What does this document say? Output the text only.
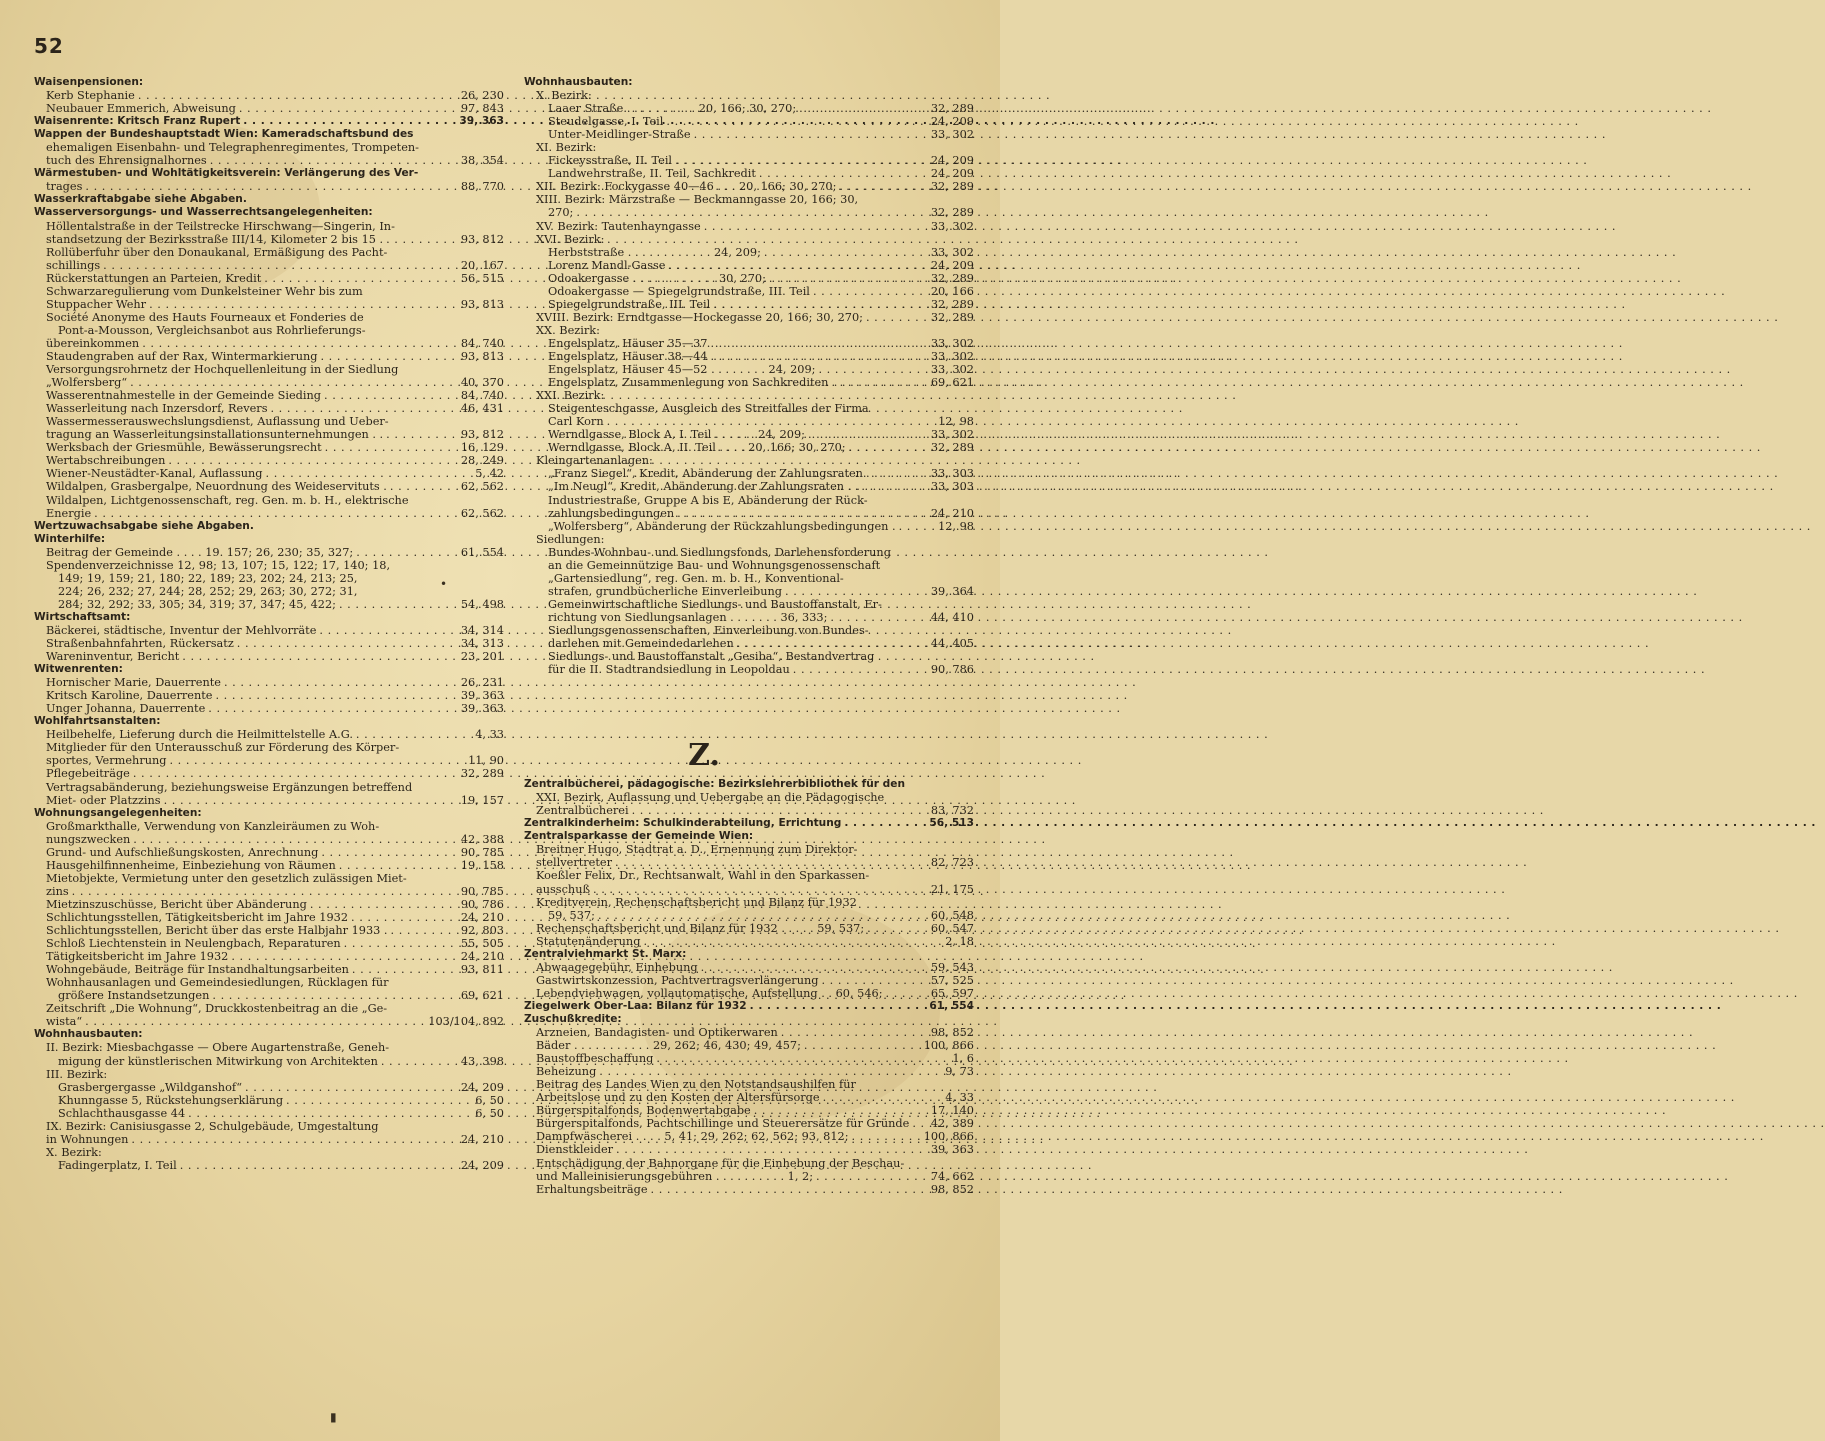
52
Waisenpensionen:
Kerb Stephanie . . .	26, 230
Neubauer Emmerich, Abweisung . . .	97, 843
Waisenrente: Kritsch Franz Rupert . . .	39, 363
Wappen der Bundeshauptstadt Wien: Kameradschaftsbund des
ehemaligen Eisenbahn- und Telegraphenregimentes, Trompeten-
tuch des Ehrensignalhornes . . .	38, 354
Wärmestuben- und Wohltätigkeitsverein: Verlängerung des Ver-
trages . . .	88, 770
Wasserkraftabgabe siehe Abgaben.
Wasserversorgungs- und Wasserrechtsangelegenheiten:
Höllentalstraße in der Teilstrecke Hirschwang—Singerin, In-
standsetzung der Bezirksstraße III/14, Kilometer 2 bis 15 . . . .	93, 812
Rollüberfuhr über den Donaukanal, Ermäßigung des Pacht-
schillings . . .	20, 167
Rückerstattungen an Parteien, Kredit . . .	56, 515
Schwarzaregulierung vom Dunkelsteiner Wehr bis zum
Stuppacher Wehr . . .	93, 813
Société Anonyme des Hauts Fourneaux et Fonderies de
Pont-a-Mousson, Vergleichsanbot aus Rohrlieferungs-
übereinkommen . . .	84, 740
Staudengraben auf der Rax, Wintermarkierung . . .	93, 813
Versorgungsrohrnetz der Hochquellenleitung in der Siedlung
„Wolfersberg“ . . .	40, 370
Wasserentnahmestelle in der Gemeinde Sieding . . .	84, 740
Wasserleitung nach Inzersdorf, Revers . . .	46, 431
Wassermesserauswechslungsdienst, Auflassung und Ueber-
tragung an Wasserleitungsinstallationsunternehmungen . . . . .	93, 812
Werksbach der Griesmühle, Bewässerungsrecht . . .	16, 129
Wertabschreibungen . . .	28, 249
Wiener-Neustädter-Kanal, Auflassung . . .	5, 42
Wildalpen, Grasbergalpe, Neuordnung des Weideservituts . . . .	62, 562
Wildalpen, Lichtgenossenschaft, reg. Gen. m. b. H., elektrische
Energie . . .	62, 562
Wertzuwachsabgabe siehe Abgaben.
Winterhilfe:
Beitrag der Gemeinde . . . . 19. 157; 26, 230; 35, 327; . . .	61, 554
Spendenverzeichnisse 12, 98; 13, 107; 15, 122; 17, 140; 18,
149; 19, 159; 21, 180; 22, 189; 23, 202; 24, 213; 25,
224; 26, 232; 27, 244; 28, 252; 29, 263; 30, 272; 31,
284; 32, 292; 33, 305; 34, 319; 37, 347; 45, 422; . . .	54, 498
Wirtschaftsamt:
Bäckerei, städtische, Inventur der Mehlvorräte . . .	34, 314
Straßenbahnfahrten, Rückersatz . . .	34, 313
Wareninventur, Bericht . . .	23, 201
Witwenrenten:
Hornischer Marie, Dauerrente . . .	26, 231
Kritsch Karoline, Dauerrente . . .	39, 363
Unger Johanna, Dauerrente . . .	39, 363
Wohlfahrtsanstalten:
Heilbehelfe, Lieferung durch die Heilmittelstelle A.G. . . .	4, 33
Mitglieder für den Unterausschuß zur Förderung des Körper-
sportes, Vermehrung . . .	11, 90
Pflegebeiträge . . .	32, 289
Vertragsabänderung, beziehungsweise Ergänzungen betreffend
Miet- oder Platzzins . . .	19, 157
Wohnungsangelegenheiten:
Großmarkthalle, Verwendung von Kanzleiräumen zu Woh-
nungszwecken . . .	42, 388
Grund- und Aufschließungskosten, Anrechnung . . .	90, 785
Hausgehilfinnenheime, Einbeziehung von Räumen . . .	19, 158
Mietobjekte, Vermietung unter den gesetzlich zulässigen Miet-
zins . . .	90, 785
Mietzinszuschüsse, Bericht über Abänderung . . .	90, 786
Schlichtungsstellen, Tätigkeitsbericht im Jahre 1932 . . .	24, 210
Schlichtungsstellen, Bericht über das erste Halbjahr 1933 . . . .	92, 803
Schloß Liechtenstein in Neulengbach, Reparaturen . . .	55, 505
Tätigkeitsbericht im Jahre 1932 . . .	24, 210
Wohngebäude, Beiträge für Instandhaltungsarbeiten . . .	93, 811
Wohnhausanlagen und Gemeindesiedlungen, Rücklagen für
größere Instandsetzungen . . .	69, 621
Zeitschrift „Die Wohnung“, Druckkostenbeitrag an die „Ge-
wista“ . . .	103/104, 892
Wohnhausbauten:
II. Bezirk: Miesbachgasse — Obere Augartenstraße, Geneh-
migung der künstlerischen Mitwirkung von Architekten . . .	43, 398
III. Bezirk:
Grasbergergasse „Wildganshof“ . . .	24, 209
Khunngasse 5, Rückstehungserklärung . . .	6, 50
Schlachthausgasse 44 . . .	6, 50
IX. Bezirk: Canisiusgasse 2, Schulgebäude, Umgestaltung
in Wohnungen . . .	24, 210
X. Bezirk:
Fadingerplatz, I. Teil . . .	24, 209
Wohnhausbauten:
X. Bezirk:
Laaer Straße . . . . . . . . . . 20, 166; 30, 270; . . .	32, 289
Steudelgasse, I. Teil . . .	24, 209
Unter-Meidlinger-Straße . . .	33, 302
XI. Bezirk:
Fickeysstraße, II. Teil . . .	24, 209
Landwehrstraße, II. Teil, Sachkredit . . .	24, 209
XII. Bezirk: Fockygasse 40—46 . . . 20, 166; 30, 270; . . .	32, 289
XIII. Bezirk: Märzstraße — Beckmanngasse 20, 166; 30,
270; . . .	32, 289
XV. Bezirk: Tautenhayngasse . . .	33, 302
XVI. Bezirk:
Herbststraße . . . . . . . . . . . . 24, 209; . . .	33, 302
Lorenz Mandl-Gasse . . .	24, 209
Odoakergasse . . . . . . . . . . . . 30, 270; . . .	32, 289
Odoakergasse — Spiegelgrundstraße, III. Teil . . .	20, 166
Spiegelgrundstraße, III. Teil . . .	32, 289
XVIII. Bezirk: Erndtgasse—Hockegasse 20, 166; 30, 270; . . .	32, 289
XX. Bezirk:
Engelsplatz, Häuser 35—37 . . .	33, 302
Engelsplatz, Häuser 38—44 . . .	33, 302
Engelsplatz, Häuser 45—52 . . . . . . . . 24, 209; . . .	33, 302
Engelsplatz, Zusammenlegung von Sachkrediten . . .	69, 621
XXI. Bezirk:
Steigenteschgasse, Ausgleich des Streitfalles der Firma
Carl Korn . . .	12, 98
Werndlgasse, Block A, I. Teil . . . . . . 24, 209; . . .	33, 302
Werndlgasse, Block A, II. Teil . . . . 20, 166; 30, 270; . . .	32, 289
Kleingartenanlagen:
„Franz Siegel“, Kredit, Abänderung der Zahlungsraten . . .	33, 303
„Im Neugl“, Kredit, Abänderung der Zahlungsraten . . . . .	33, 303
Industriestraße, Gruppe A bis E, Abänderung der Rück-
zahlungsbedingungen . . .	24, 210
„Wolfersberg“, Abänderung der Rückzahlungsbedingungen . . . .	12, 98
Siedlungen:
Bundes-Wohnbau- und Siedlungsfonds, Darlehensforderung
an die Gemeinnützige Bau- und Wohnungsgenossenschaft
„Gartensiedlung“, reg. Gen. m. b. H., Konventional-
strafen, grundbücherliche Einverleibung . . .	39, 364
Gemeinwirtschaftliche Siedlungs- und Baustoffanstalt, Er-
richtung von Siedlungsanlagen . . . . . . . 36, 333; . . .	44, 410
Siedlungsgenossenschaften, Einverleibung von Bundes-
darlehen mit Gemeindedarlehen . . .	44, 405
Siedlungs- und Baustoffanstalt „Gesiba“, Bestandvertrag
für die II. Stadtrandsiedlung in Leopoldau . . .	90, 786
Z.
Zentralbücherei, pädagogische: Bezirkslehrerbibliothek für den
XXI. Bezirk, Auflassung und Uebergabe an die Pädagogische
Zentralbücherei . . .	83, 732
Zentralkinderheim: Schulkinderabteilung, Errichtung . . .	56, 513
Zentralsparkasse der Gemeinde Wien:
Breitner Hugo, Stadtrat a. D., Ernennung zum Direktor-
stellvertreter . . .	82, 723
Koeßler Felix, Dr., Rechtsanwalt, Wahl in den Sparkassen-
ausschuß . . .	21, 175
Kreditverein, Rechenschaftsbericht und Bilanz für 1932
59, 537; . . .	60, 548
Rechenschaftsbericht und Bilanz für 1932 . . . . . 59, 537; . . .	60, 547
Statutenänderung . . .	2, 18
Zentralviehmarkt St. Marx:
Abwaagegebühr, Einhebung . . .	59, 543
Gastwirtskonzession, Pachtvertragsverlängerung . . .	57, 525
Lebendviehwagen, vollautomatische, Aufstellung . . 60, 546; . . .	65, 597
Ziegelwerk Ober-Laa: Bilanz für 1932 . . .	61, 554
Zuschußkredite:
Arzneien, Bandagisten- und Optikerwaren . . .	98, 852
Bäder . . . . . . . . . . . 29, 262; 46, 430; 49, 457; . . .	100, 866
Baustoffbeschaffung . . .	1, 6
Beheizung . . .	9, 73
Beitrag des Landes Wien zu den Notstandsaushilfen für
Arbeitslose und zu den Kosten der Altersfürsorge . . .	4, 33
Bürgerspitalfonds, Bodenwertabgabe . . .	17, 140
Bürgerspitalfonds, Pachtschillinge und Steuerersätze für Gründe . . .	42, 389
Dampfwäscherei . . . . 5, 41; 29, 262; 62, 562; 93, 812; . . .	100, 866
Dienstkleider . . .	39, 363
Entschädigung der Bahnorgane für die Einhebung der Beschau-
und Malleinisierungsgebühren . . . . . . . . . . 1, 2; . . .	74, 662
Erhaltungsbeiträge . . .	98, 852
•
▮
